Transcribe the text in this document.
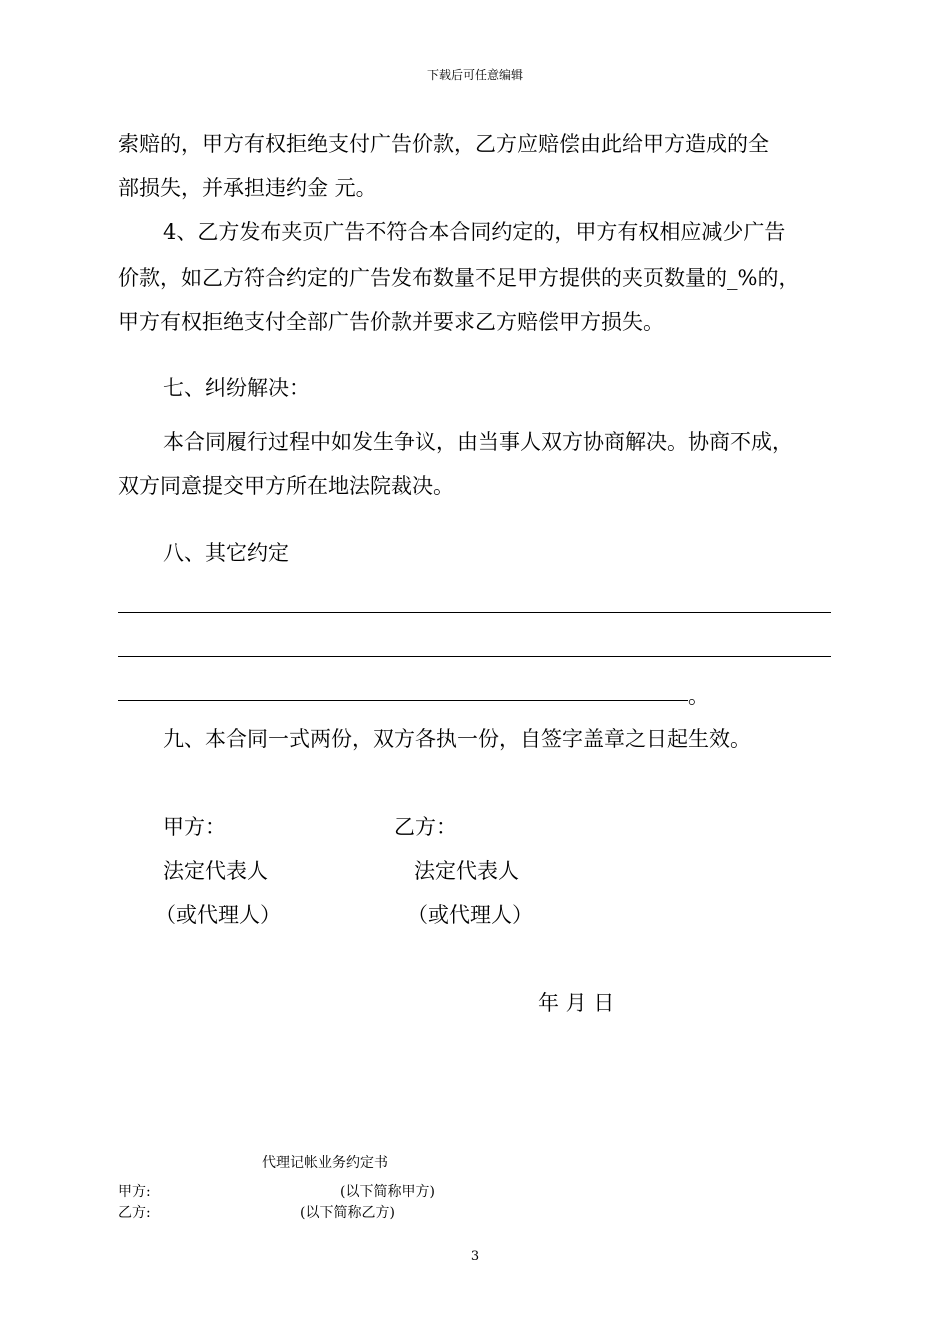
下载后可任意编辑
索赔的，甲方有权拒绝支付广告价款，乙方应赔偿由此给甲方造成的全
部损失，并承担违约金 元。
4、乙方发布夹页广告不符合本合同约定的，甲方有权相应减少广告
价款，如乙方符合约定的广告发布数量不足甲方提供的夹页数量的_%的，
甲方有权拒绝支付全部广告价款并要求乙方赔偿甲方损失。
七、纠纷解决：
本合同履行过程中如发生争议，由当事人双方协商解决。协商不成，
双方同意提交甲方所在地法院裁决。
八、其它约定
。
九、本合同一式两份，双方各执一份，自签字盖章之日起生效。
甲方：	乙方：
法定代表人	法定代表人
（或代理人）	（或代理人）
年 月 日
代理记帐业务约定书
甲方:	(以下简称甲方)
乙方:	(以下简称乙方)
3
